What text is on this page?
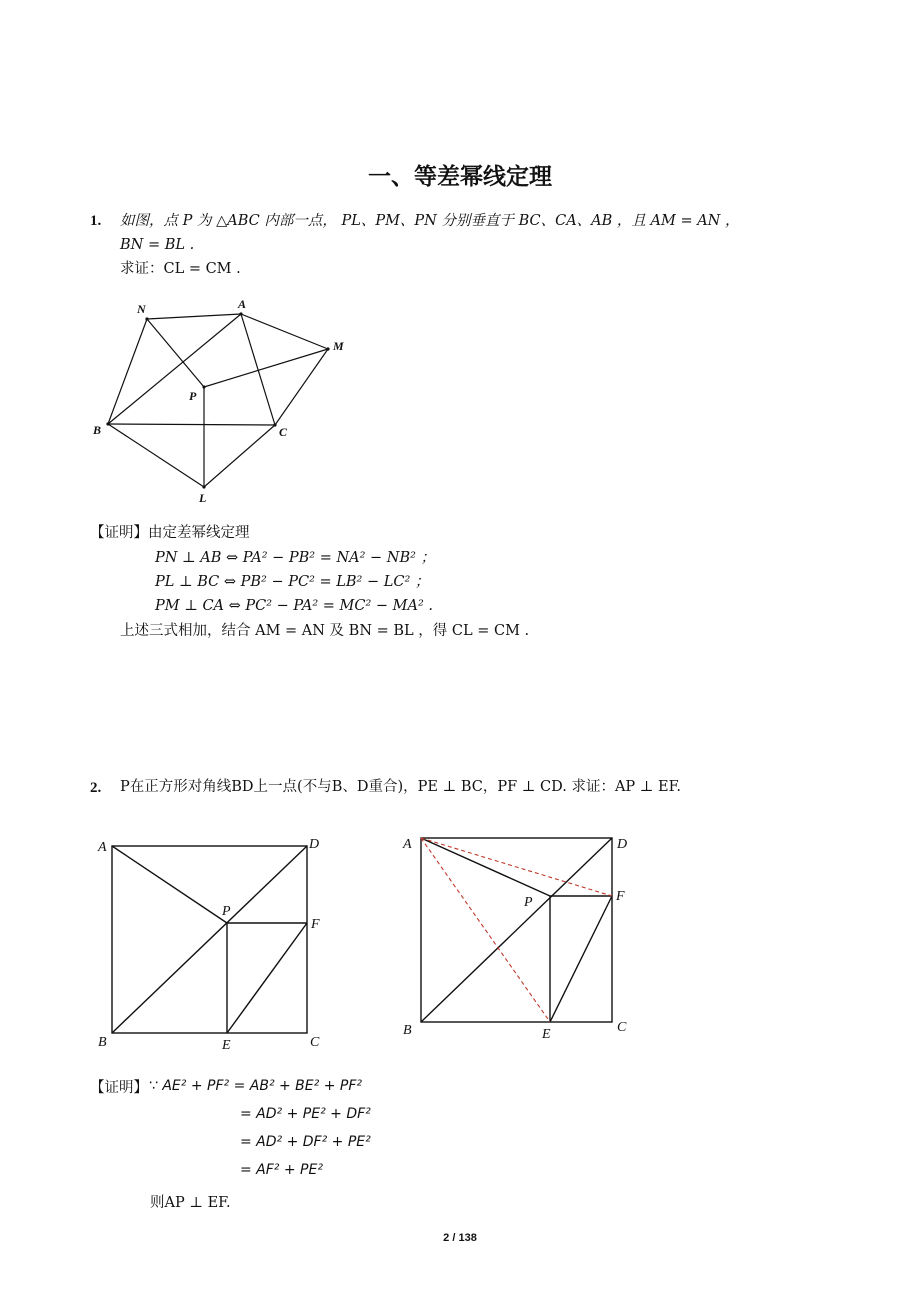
一、等差幂线定理
1. 如图，点 P 为 △ABC 内部一点， PL、PM、PN 分别垂直于 BC、CA、AB ，且 AM = AN ，
BN = BL .
求证：CL = CM .
N	A
M
P
B	C
L
【证明】由定差幂线定理
PN ⊥ AB ⇔ PA² − PB² = NA² − NB² ；
PL ⊥ BC ⇔ PB² − PC² = LB² − LC² ；
PM ⊥ CA ⇔ PC² − PA² = MC² − MA² .
上述三式相加，结合 AM = AN 及 BN = BL ，得 CL = CM .
2. P在正方形对角线BD上一点(不与B、D重合)，PE ⊥ BC，PF ⊥ CD. 求证：AP ⊥ EF.
A	D
P
F
B	E	C
A	D
P	F
B	E	C
【证明】 ∵ AE² + PF² = AB² + BE² + PF²
= AD² + PE² + DF²
= AD² + DF² + PE²
= AF² + PE²
则AP ⊥ EF.
2 / 138
